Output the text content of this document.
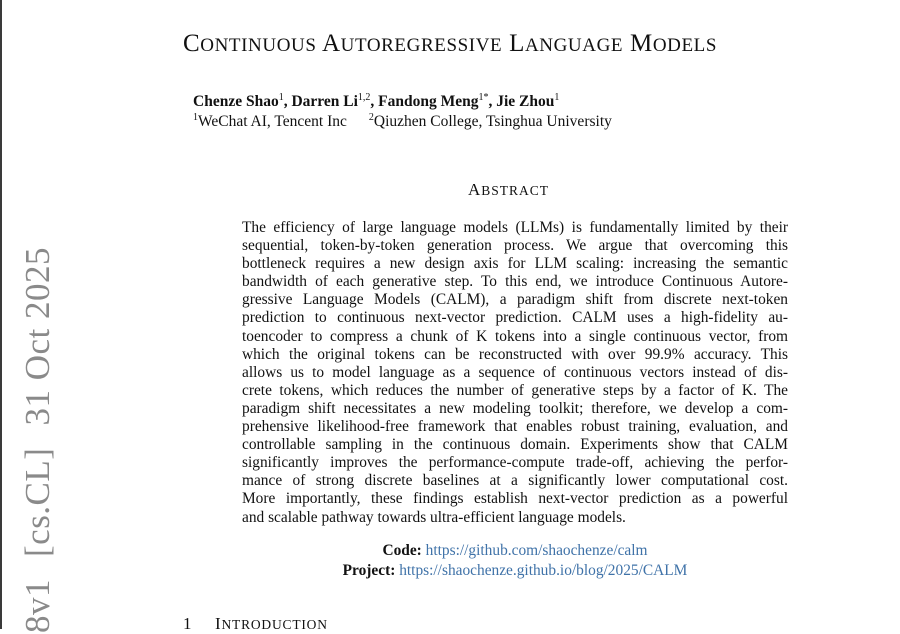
8v1[cs.CL]31 Oct 2025
CONTINUOUS AUTOREGRESSIVE LANGUAGE MODELS
Chenze Shao$^1$, Darren Li$^{1,2}$, Fandong Meng$^{1*}$, Jie Zhou$^1$
$^1$WeChat AI, Tencent Inc $^2$Qiuzhen College, Tsinghua University
ABSTRACT
The efficiency of large language models (LLMs) is fundamentally limited by their
sequential, token-by-token generation process. We argue that overcoming this
bottleneck requires a new design axis for LLM scaling: increasing the semantic
bandwidth of each generative step. To this end, we introduce Continuous Autore-
gressive Language Models (CALM), a paradigm shift from discrete next-token
prediction to continuous next-vector prediction. CALM uses a high-fidelity au-
toencoder to compress a chunk of K tokens into a single continuous vector, from
which the original tokens can be reconstructed with over 99.9% accuracy. This
allows us to model language as a sequence of continuous vectors instead of dis-
crete tokens, which reduces the number of generative steps by a factor of K. The
paradigm shift necessitates a new modeling toolkit; therefore, we develop a com-
prehensive likelihood-free framework that enables robust training, evaluation, and
controllable sampling in the continuous domain. Experiments show that CALM
significantly improves the performance-compute trade-off, achieving the perfor-
mance of strong discrete baselines at a significantly lower computational cost.
More importantly, these findings establish next-vector prediction as a powerful
and scalable pathway towards ultra-efficient language models.
Code: https://github.com/shaochenze/calm
Project: https://shaochenze.github.io/blog/2025/CALM
1 INTRODUCTION
